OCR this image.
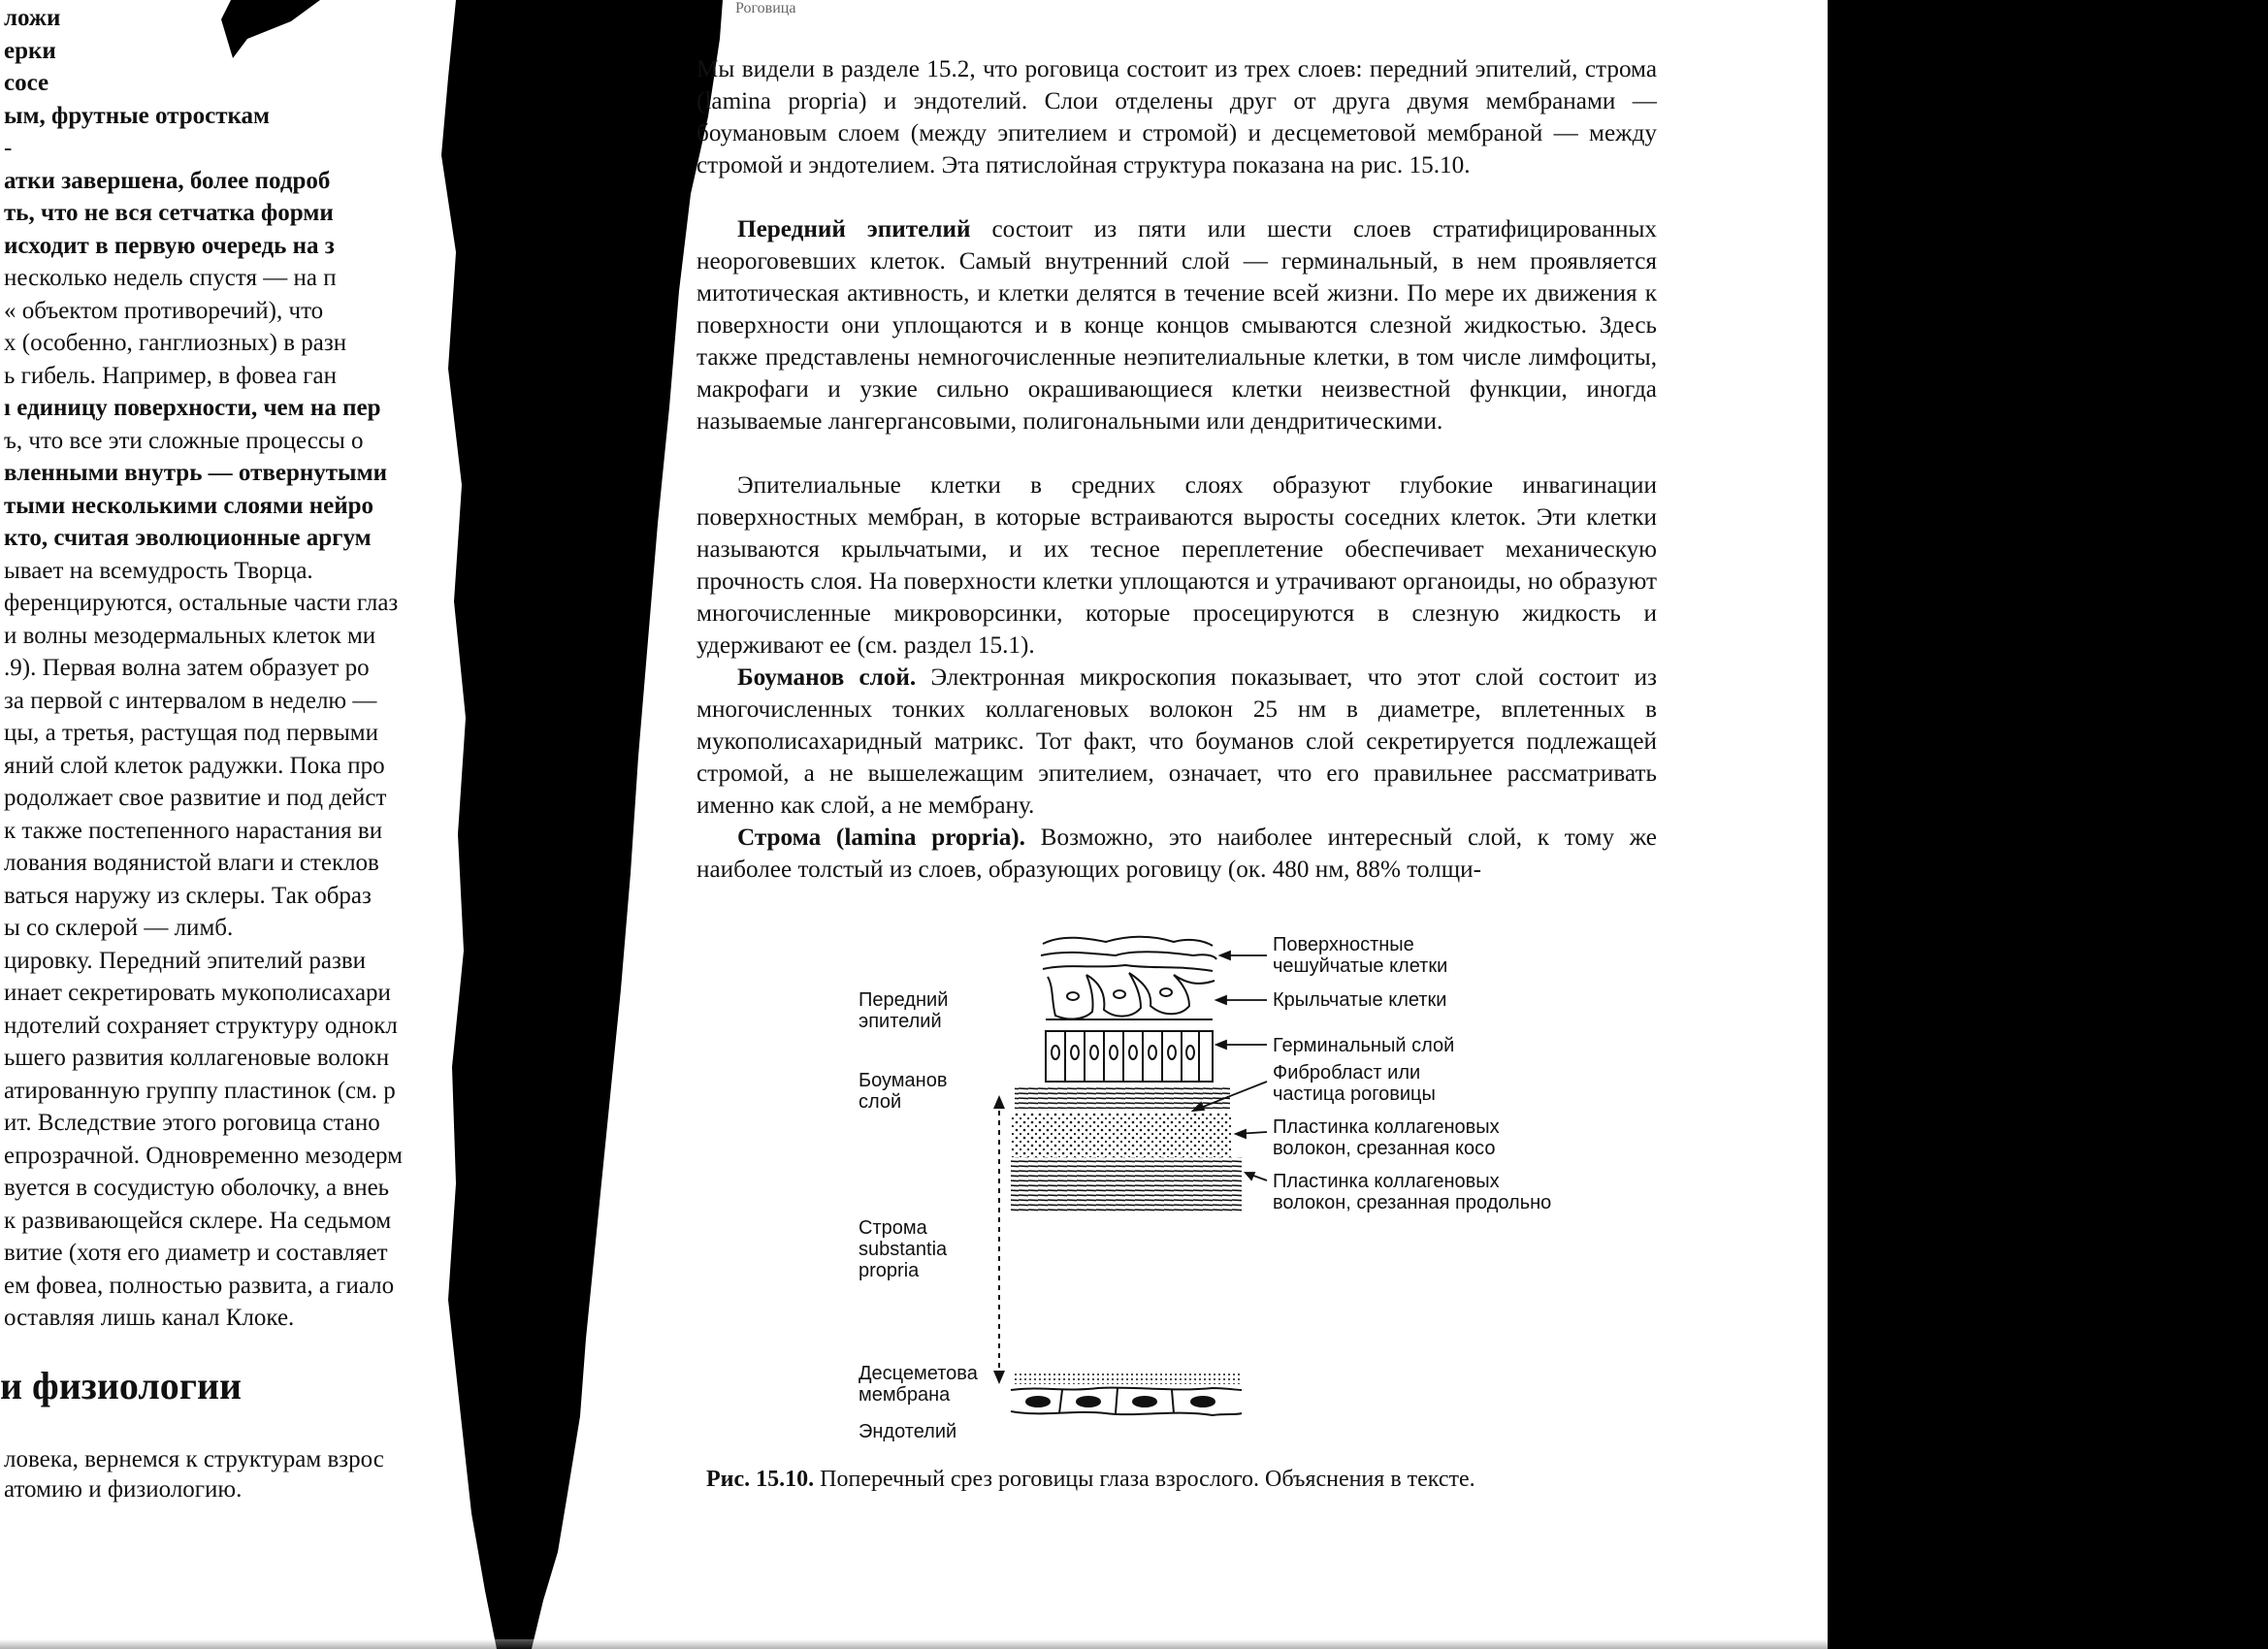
и физиологии
ловека, вернемся к структурам взрос
атомию и физиологию.
ложи
ерки
сосе
ым, фрутные отросткам
-
атки завершена, более подроб
ть, что не вся сетчатка форми
исходит в первую очередь на з
несколько недель спустя — на п
« объектом противоречий), что
х (особенно, ганглиозных) в разн
ь гибель. Например, в фовеа ган
ı единицу поверхности, чем на пер
ъ, что все эти сложные процессы о
вленными внутрь — отвернутыми
тыми несколькими слоями нейро
кто, считая эволюционные аргум
ывает на всемудрость Творца.
ференцируются, остальные части глаз
и волны мезодермальных клеток ми
.9). Первая волна затем образует ро
за первой с интервалом в неделю —
цы, а третья, растущая под первыми
яний слой клеток радужки. Пока про
родолжает свое развитие и под дейст
к также постепенного нарастания ви
лования водянистой влаги и стеклов
ваться наружу из склеры. Так образ
ы со склерой — лимб.
цировку. Передний эпителий разви
инает секретировать мукополисахари
ндотелий сохраняет структуру однокл
ьшего развития коллагеновые волокн
атированную группу пластинок (см. р
ит. Вследствие этого роговица стано
епрозрачной. Одновременно мезодерм
вуется в сосудистую оболочку, а внеь
к развивающейся склере. На седьмом
витие (хотя его диаметр и составляет
ем фовеа, полностью развита, а гиало
оставляя лишь канал Клоке.
Роговица

Мы видели в разделе 15.2, что роговица состоит из трех слоев: передний эпителий, строма (lamina prорria) и эндотелий. Слои отделены друг от друга двумя мембранами — боумановым слоем (между эпителием и стромой) и десцеметовой мембраной — между стромой и эндотелием. Эта пятислойная структура показана на рис. 15.10.

Передний эпителий состоит из пяти или шести слоев стратифицированных неороговевших клеток. Самый внутренний слой — герминальный, в нем проявляется митотическая активность, и клетки делятся в течение всей жизни. По мере их движения к поверхности они уплощаются и в конце концов смываются слезной жидкостью. Здесь также представлены немногочисленные неэпителиальные клетки, в том числе лимфоциты, макрофаги и узкие сильно окрашивающиеся клетки неизвестной функции, иногда называемые лангергансовыми, полигональными или дендритическими.

Эпителиальные клетки в средних слоях образуют глубокие инвагинации поверхностных мембран, в которые встраиваются выросты соседних клеток. Эти клетки называются крыльчатыми, и их тесное переплетение обеспечивает механическую прочность слоя. На поверхности клетки уплощаются и утрачивают органоиды, но образуют многочисленные микроворсинки, которые просецируются в слезную жидкость и удерживают ее (см. раздел 15.1).

Боуманов слой. Электронная микроскопия показывает, что этот слой состоит из многочисленных тонких коллагеновых волокон 25 нм в диаметре, вплетенных в мукополисахаридный матрикс. Тот факт, что боуманов слой секретируется подлежащей стромой, а не вышележащим эпителием, означает, что его правильнее рассматривать именно как слой, а не мембрану.

Строма (lamina propria). Возможно, это наиболее интересный слой, к тому же наиболее толстый из слоев, образующих роговицу (ок. 480 нм, 88% толщи-

Передний
эпителий
Боуманов
слой
Строма
substantia
propria
Десцеметова
мембрана
Эндотелий
Поверхностные
чешуйчатые клетки
Крыльчатые клетки
Герминальный слой
Фибробласт или
частица роговицы
Пластинка коллагеновых
волокон, срезанная косо
Пластинка коллагеновых
волокон, срезанная продольно
Рис. 15.10. Поперечный срез роговицы глаза взрослого. Объяснения в тексте.
